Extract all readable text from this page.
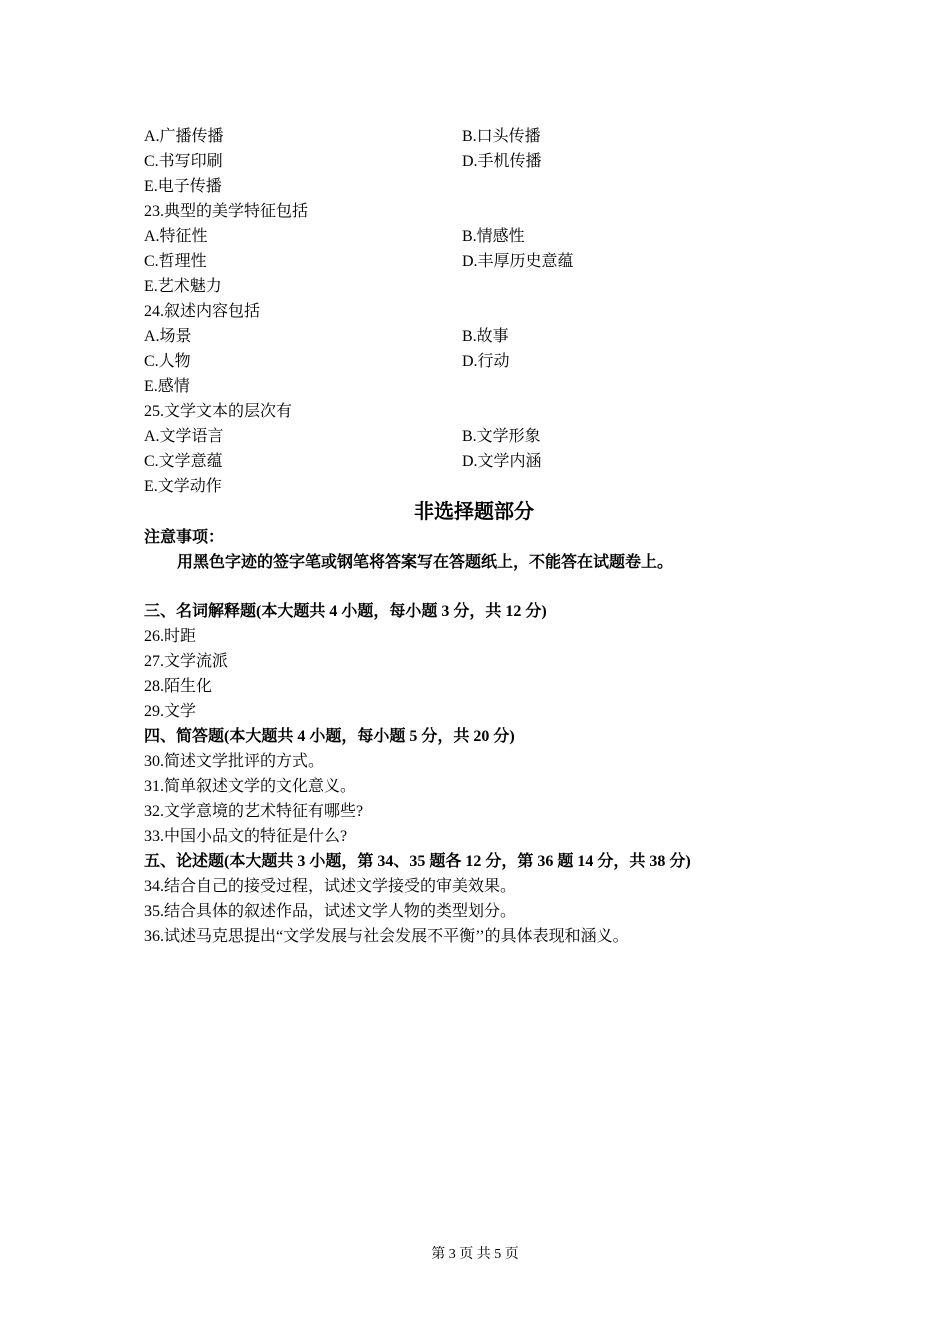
A.广播传播	B.口头传播
C.书写印刷	D.手机传播
E.电子传播
23.典型的美学特征包括
A.特征性	B.情感性
C.哲理性	D.丰厚历史意蕴
E.艺术魅力
24.叙述内容包括
A.场景	B.故事
C.人物	D.行动
E.感情
25.文学文本的层次有
A.文学语言	B.文学形象
C.文学意蕴	D.文学内涵
E.文学动作
非选择题部分
注意事项：
用黑色字迹的签字笔或钢笔将答案写在答题纸上，不能答在试题卷上。
三、名词解释题(本大题共 4 小题，每小题 3 分，共 12 分)
26.时距
27.文学流派
28.陌生化
29.文学
四、简答题(本大题共 4 小题，每小题 5 分，共 20 分)
30.简述文学批评的方式。
31.简单叙述文学的文化意义。
32.文学意境的艺术特征有哪些?
33.中国小品文的特征是什么?
五、论述题(本大题共 3 小题，第 34、35 题各 12 分，第 36 题 14 分，共 38 分)
34.结合自己的接受过程，试述文学接受的审美效果。
35.结合具体的叙述作品，试述文学人物的类型划分。
36.试述马克思提出“文学发展与社会发展不平衡’’的具体表现和涵义。
第 3 页 共 5 页
